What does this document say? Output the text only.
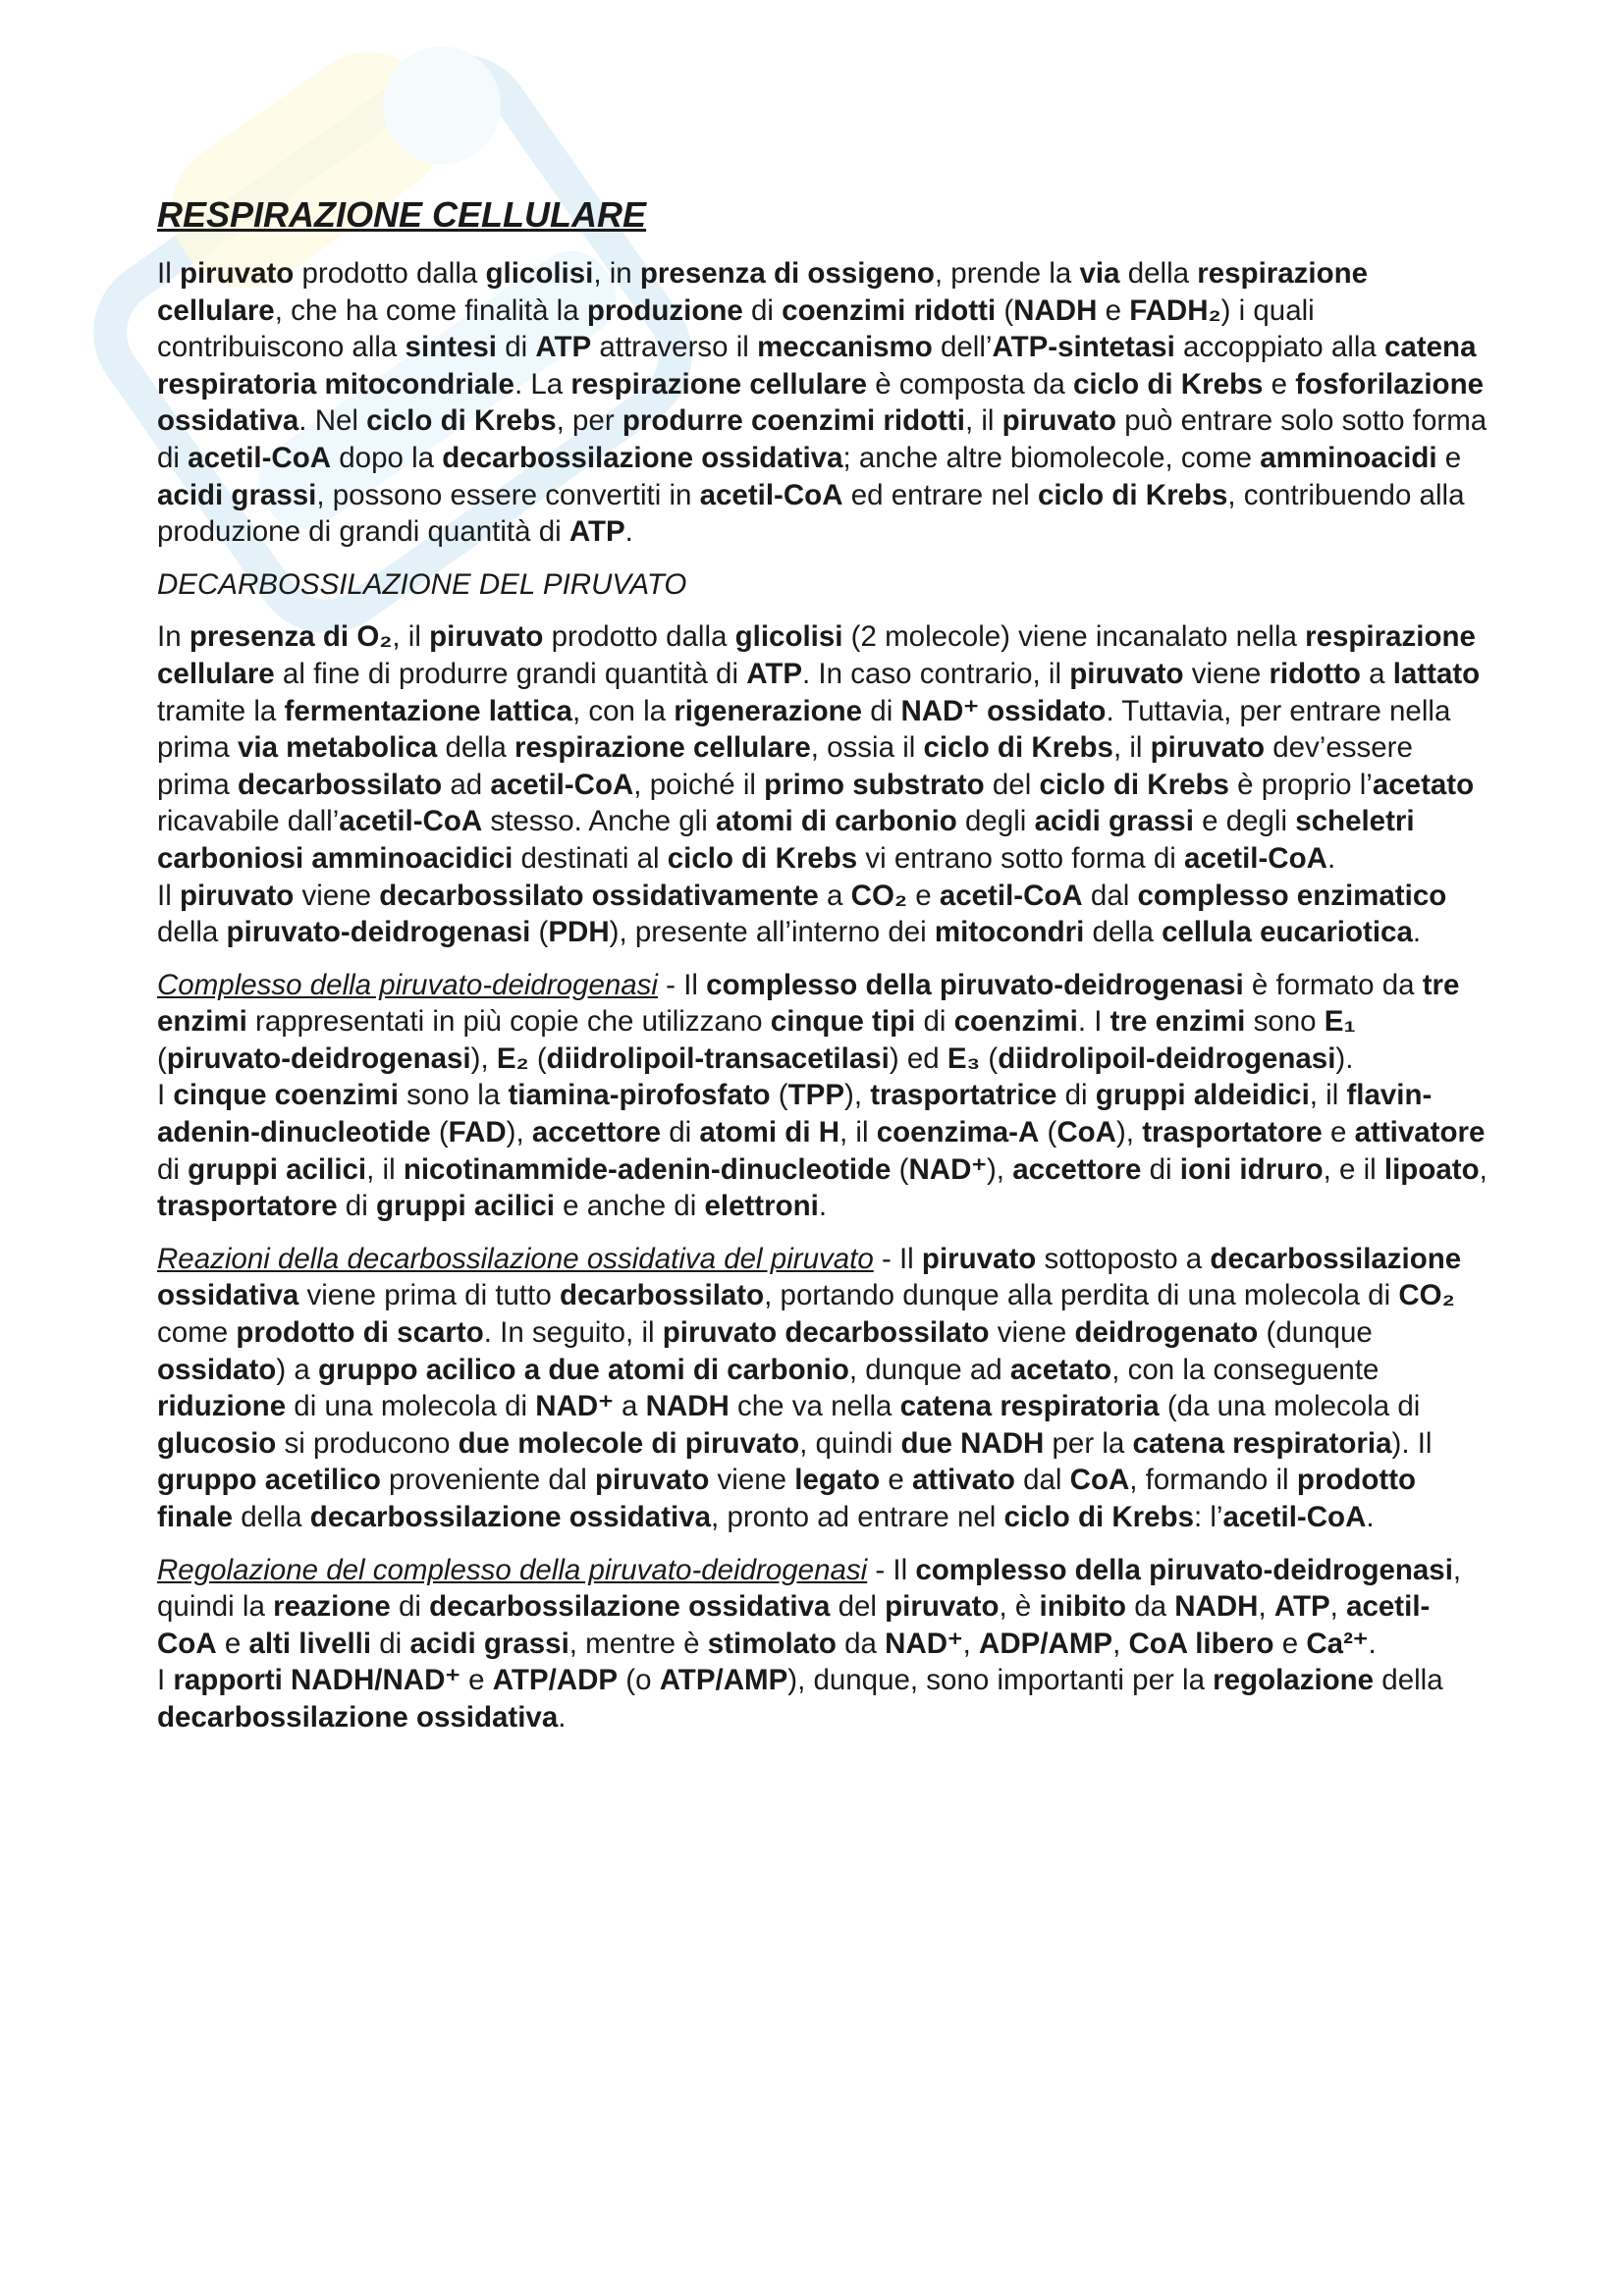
RESPIRAZIONE CELLULARE

Il piruvato prodotto dalla glicolisi, in presenza di ossigeno, prende la via della respirazione cellulare, che ha come finalità la produzione di coenzimi ridotti (NADH e FADH₂) i quali contribuiscono alla sintesi di ATP attraverso il meccanismo dell’ATP-sintetasi accoppiato alla catena respiratoria mitocondriale. La respirazione cellulare è composta da ciclo di Krebs e fosforilazione ossidativa. Nel ciclo di Krebs, per produrre coenzimi ridotti, il piruvato può entrare solo sotto forma di acetil-CoA dopo la decarbossilazione ossidativa; anche altre biomolecole, come amminoacidi e acidi grassi, possono essere convertiti in acetil-CoA ed entrare nel ciclo di Krebs, contribuendo alla produzione di grandi quantità di ATP.

DECARBOSSILAZIONE DEL PIRUVATO

In presenza di O₂, il piruvato prodotto dalla glicolisi (2 molecole) viene incanalato nella respirazione cellulare al fine di produrre grandi quantità di ATP. In caso contrario, il piruvato viene ridotto a lattato tramite la fermentazione lattica, con la rigenerazione di NAD⁺ ossidato. Tuttavia, per entrare nella prima via metabolica della respirazione cellulare, ossia il ciclo di Krebs, il piruvato dev’essere prima decarbossilato ad acetil-CoA, poiché il primo substrato del ciclo di Krebs è proprio l’acetato ricavabile dall’acetil-CoA stesso. Anche gli atomi di carbonio degli acidi grassi e degli scheletri carboniosi amminoacidici destinati al ciclo di Krebs vi entrano sotto forma di acetil-CoA.

Il piruvato viene decarbossilato ossidativamente a CO₂ e acetil-CoA dal complesso enzimatico della piruvato-deidrogenasi (PDH), presente all’interno dei mitocondri della cellula eucariotica.

Complesso della piruvato-deidrogenasi - Il complesso della piruvato-deidrogenasi è formato da tre enzimi rappresentati in più copie che utilizzano cinque tipi di coenzimi. I tre enzimi sono E₁ (piruvato-deidrogenasi), E₂ (diidrolipoil-transacetilasi) ed E₃ (diidrolipoil-deidrogenasi).

I cinque coenzimi sono la tiamina-pirofosfato (TPP), trasportatrice di gruppi aldeidici, il flavin-adenin-dinucleotide (FAD), accettore di atomi di H, il coenzima-A (CoA), trasportatore e attivatore di gruppi acilici, il nicotinammide-adenin-dinucleotide (NAD⁺), accettore di ioni idruro, e il lipoato, trasportatore di gruppi acilici e anche di elettroni.

Reazioni della decarbossilazione ossidativa del piruvato - Il piruvato sottoposto a decarbossilazione ossidativa viene prima di tutto decarbossilato, portando dunque alla perdita di una molecola di CO₂ come prodotto di scarto. In seguito, il piruvato decarbossilato viene deidrogenato (dunque ossidato) a gruppo acilico a due atomi di carbonio, dunque ad acetato, con la conseguente riduzione di una molecola di NAD⁺ a NADH che va nella catena respiratoria (da una molecola di glucosio si producono due molecole di piruvato, quindi due NADH per la catena respiratoria). Il gruppo acetilico proveniente dal piruvato viene legato e attivato dal CoA, formando il prodotto finale della decarbossilazione ossidativa, pronto ad entrare nel ciclo di Krebs: l’acetil-CoA.

Regolazione del complesso della piruvato-deidrogenasi - Il complesso della piruvato-deidrogenasi, quindi la reazione di decarbossilazione ossidativa del piruvato, è inibito da NADH, ATP, acetil-CoA e alti livelli di acidi grassi, mentre è stimolato da NAD⁺, ADP/AMP, CoA libero e Ca²⁺.

I rapporti NADH/NAD⁺ e ATP/ADP (o ATP/AMP), dunque, sono importanti per la regolazione della decarbossilazione ossidativa.
